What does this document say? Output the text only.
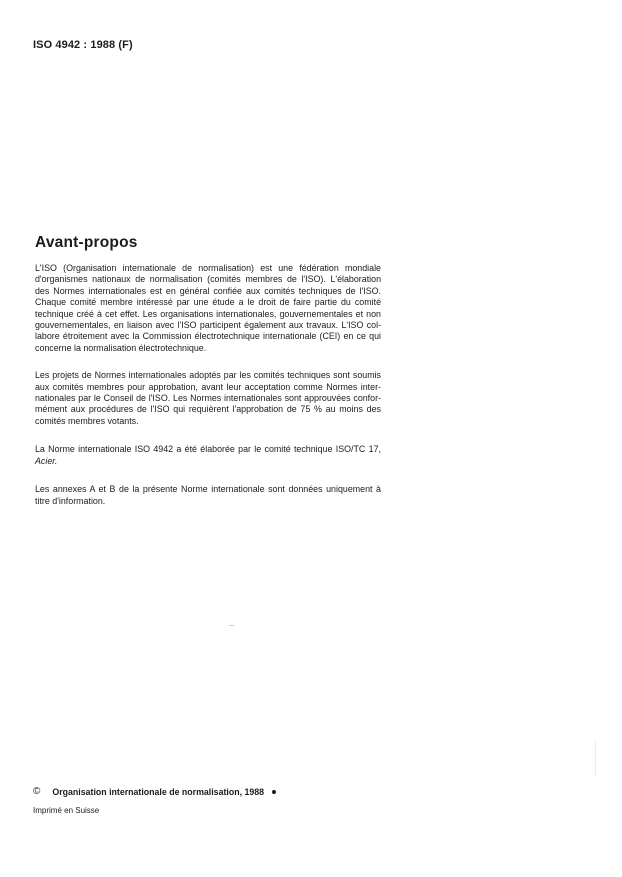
ISO 4942 : 1988 (F)
Avant-propos

L'ISO (Organisation internationale de normalisation) est une fédération mondiale
d'organismes nationaux de normalisation (comités membres de l'ISO). L'élaboration
des Normes internationales est en général confiée aux comités techniques de l'ISO.
Chaque comité membre intéressé par une étude a le droit de faire partie du comité
technique créé à cet effet. Les organisations internationales, gouvernementales et non
gouvernementales, en liaison avec l'ISO participent également aux travaux. L'ISO col-
labore étroitement avec la Commission électrotechnique internationale (CEI) en ce qui
concerne la normalisation électrotechnique.

Les projets de Normes internationales adoptés par les comités techniques sont soumis
aux comités membres pour approbation, avant leur acceptation comme Normes inter-
nationales par le Conseil de l'ISO. Les Normes internationales sont approuvées confor-
mément aux procédures de l'ISO qui requièrent l'approbation de 75 % au moins des
comités membres votants.

La Norme internationale ISO 4942 a été élaborée par le comité technique ISO/TC 17,
Acier.

Les annexes A et B de la présente Norme internationale sont données uniquement à
titre d'information.

© Organisation internationale de normalisation, 1988
Imprimé en Suisse
